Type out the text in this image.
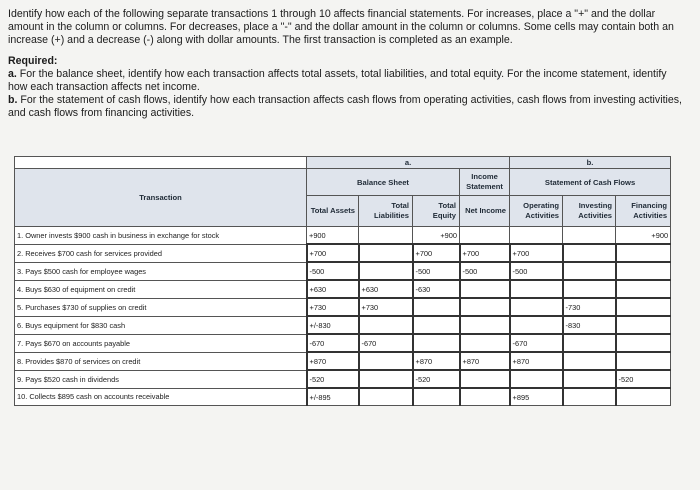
Identify how each of the following separate transactions 1 through 10 affects financial statements. For increases, place a "+" and the dollar amount in the column or columns. For decreases, place a "-" and the dollar amount in the column or columns. Some cells may contain both an increase (+) and a decrease (-) along with dollar amounts. The first transaction is completed as an example.

Required:

a. For the balance sheet, identify how each transaction affects total assets, total liabilities, and total equity. For the income statement, identify how each transaction affects net income.

b. For the statement of cash flows, identify how each transaction affects cash flows from operating activities, cash flows from investing activities, and cash flows from financing activities.

	a.				b.		
Transaction	Balance Sheet			Income Statement	Statement of Cash Flows		
	Total Assets	Total Liabilities	Total Equity	Net Income	Operating Activities	Investing Activities	Financing Activities
1. Owner invests $900 cash in business in exchange for stock	+900		+900				+900
2. Receives $700 cash for services provided	+700		+700	+700	+700		
3. Pays $500 cash for employee wages	-500		-500	-500	-500		
4. Buys $630 of equipment on credit	+630	+630	-630				
5. Purchases $730 of supplies on credit	+730	+730				-730	
6. Buys equipment for $830 cash	+/-830					-830	
7. Pays $670 on accounts payable	-670	-670			-670		
8. Provides $870 of services on credit	+870		+870	+870	+870		
9. Pays $520 cash in dividends	-520		-520				-520
10. Collects $895 cash on accounts receivable	+/-895				+895		
